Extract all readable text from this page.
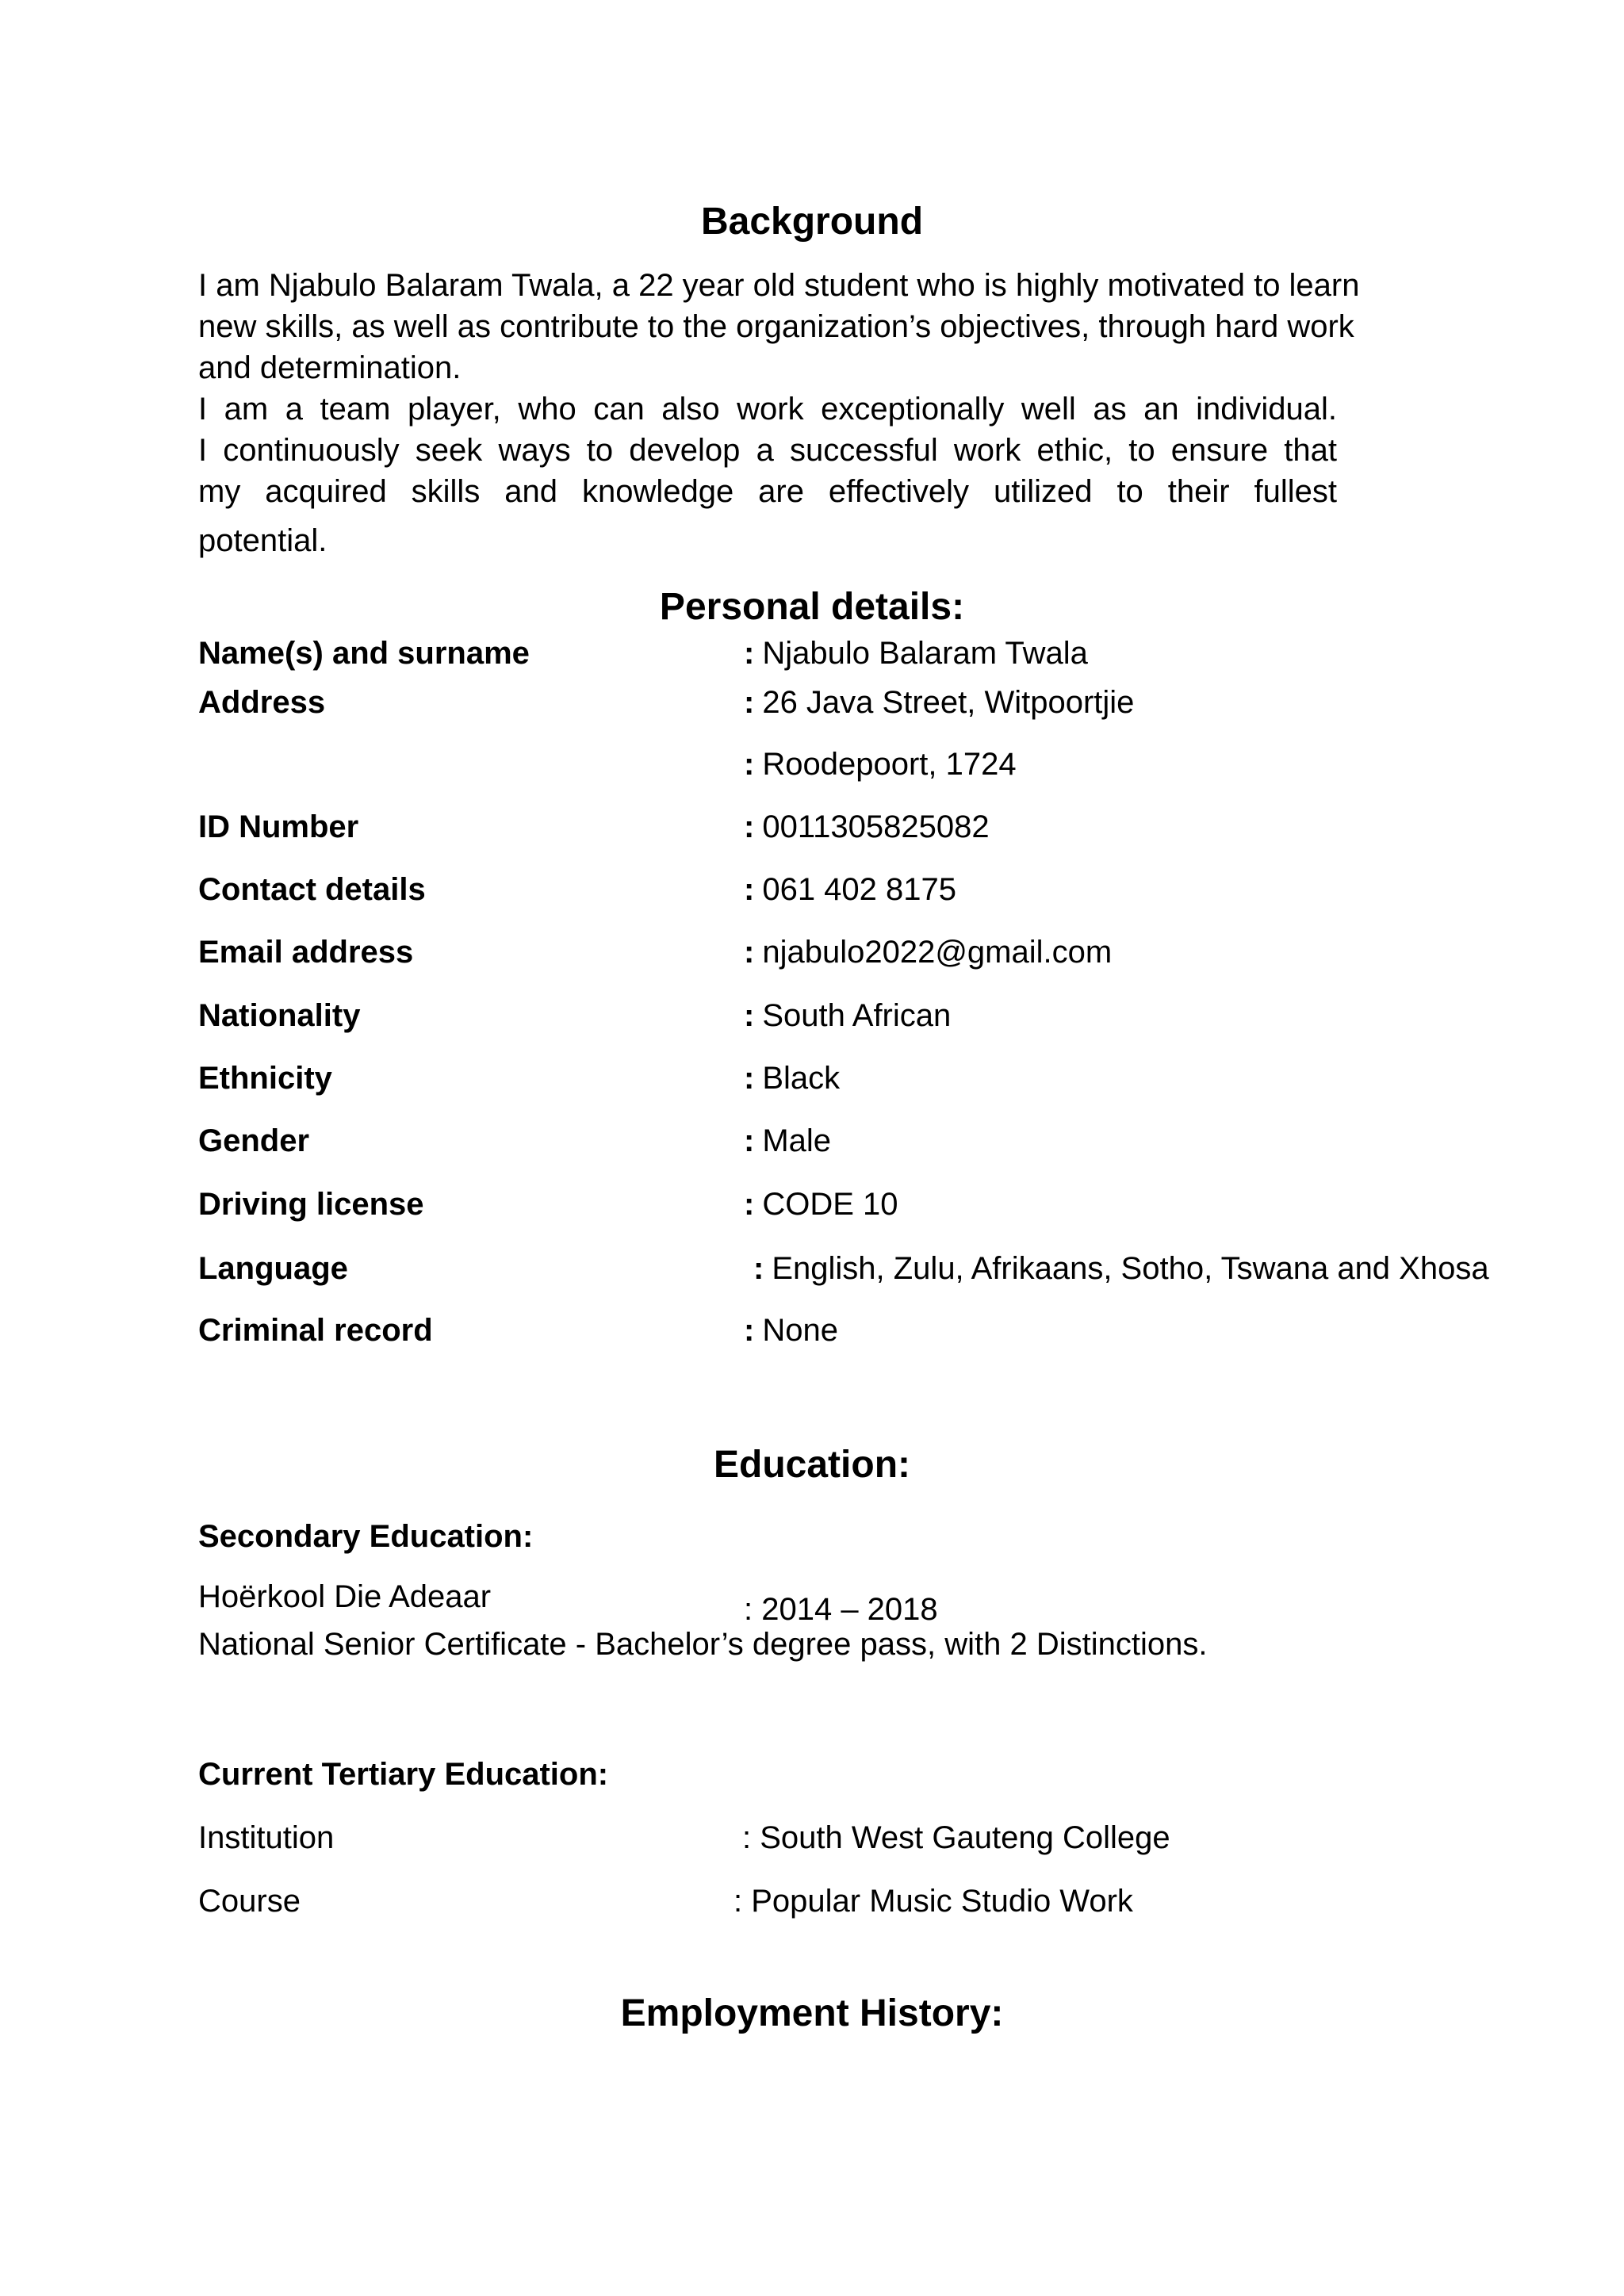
Background
I am Njabulo Balaram Twala, a 22 year old student who is highly motivated to learn
new skills, as well as contribute to the organization’s objectives, through hard work
and determination.
I am a team player, who can also work exceptionally well as an individual.
I continuously seek ways to develop a successful work ethic, to ensure that
my acquired skills and knowledge are effectively utilized to their fullest
potential.
Personal details:
Name(s) and surname	: Njabulo Balaram Twala
Address	: 26 Java Street, Witpoortjie
: Roodepoort, 1724
ID Number	: 0011305825082
Contact details	: 061 402 8175
Email address	: njabulo2022@gmail.com
Nationality	: South African
Ethnicity	: Black
Gender	: Male
Driving license	: CODE 10
Language	: English, Zulu, Afrikaans, Sotho, Tswana and Xhosa
Criminal record	: None
Education:
Secondary Education:
Hoërkool Die Adeaar	: 2014 – 2018
National Senior Certificate - Bachelor’s degree pass, with 2 Distinctions.
Current Tertiary Education:
Institution	: South West Gauteng College
Course	: Popular Music Studio Work
Employment History:
